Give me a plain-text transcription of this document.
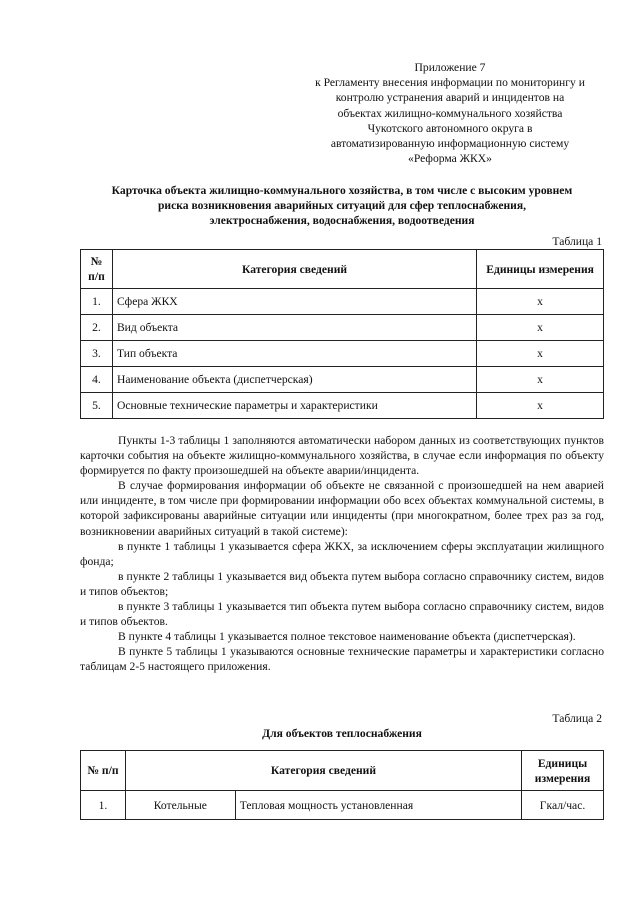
Приложение 7
к Регламенту внесения информации по мониторингу и
контролю устранения аварий и инцидентов на
объектах жилищно-коммунального хозяйства
Чукотского автономного округа в
автоматизированную информационную систему
«Реформа ЖКХ»
Карточка объекта жилищно-коммунального хозяйства, в том числе с высоким уровнем
риска возникновения аварийных ситуаций для сфер теплоснабжения,
электроснабжения, водоснабжения, водоотведения
Таблица 1
№ п/п	Категория сведений	Единицы измерения
1.	Сфера ЖКХ	х
2.	Вид объекта	х
3.	Тип объекта	х
4.	Наименование объекта (диспетчерская)	х
5.	Основные технические параметры и характеристики	х

Пункты 1-3 таблицы 1 заполняются автоматически набором данных из соответствующих пунктов карточки события на объекте жилищно-коммунального хозяйства, в случае если информация по объекту формируется по факту произошедшей на объекте аварии/инцидента.

В случае формирования информации об объекте не связанной с произошедшей на нем аварией или инциденте, в том числе при формировании информации обо всех объектах коммунальной системы, в которой зафиксированы аварийные ситуации или инциденты (при многократном, более трех раз за год, возникновении аварийных ситуаций в такой системе):

в пункте 1 таблицы 1 указывается сфера ЖКХ, за исключением сферы эксплуатации жилищного фонда;

в пункте 2 таблицы 1 указывается вид объекта путем выбора согласно справочнику систем, видов и типов объектов;

в пункте 3 таблицы 1 указывается тип объекта путем выбора согласно справочнику систем, видов и типов объектов.

В пункте 4 таблицы 1 указывается полное текстовое наименование объекта (диспетчерская).

В пункте 5 таблицы 1 указываются основные технические параметры и характеристики согласно таблицам 2-5 настоящего приложения.

Таблица 2
Для объектов теплоснабжения
№ п/п	Категория сведений		Единицы измерения
1.	Котельные	Тепловая мощность установленная	Гкал/час.
